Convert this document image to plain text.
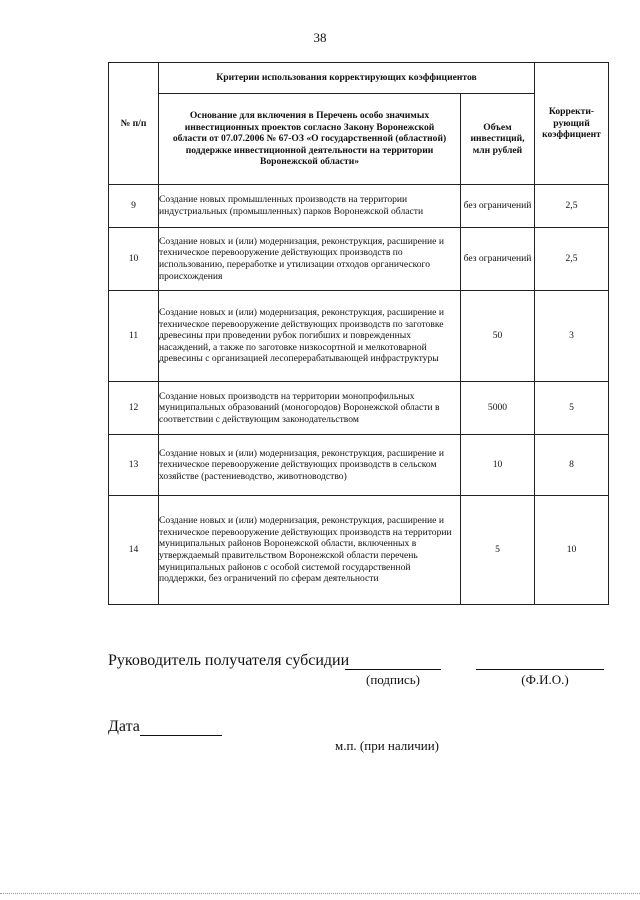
38
№ п/п	Критерии использования корректирующих коэффициентов		Корректи-рующий коэффициент
	Основание для включения в Перечень особо значимых инвестиционных проектов согласно Закону Воронежской области от 07.07.2006 № 67-ОЗ «О государственной (областной) поддержке инвестиционной деятельности на территории Воронежской области»	Объем инвестиций, млн рублей	
9	Создание новых промышленных производств на территории индустриальных (промышленных) парков Воронежской области	без ограничений	2,5
10	Создание новых и (или) модернизация, реконструкция, расширение и техническое перевооружение действующих производств по использованию, переработке и утилизации отходов органического происхождения	без ограничений	2,5
11	Создание новых и (или) модернизация, реконструкция, расширение и техническое перевооружение действующих производств по заготовке древесины при проведении рубок погибших и поврежденных насаждений, а также по заготовке низкосортной и мелкотоварной древесины с организацией лесоперерабатывающей инфраструктуры	50	3
12	Создание новых производств на территории монопрофильных муниципальных образований (моногородов) Воронежской области в соответствии с действующим законодательством	5000	5
13	Создание новых и (или) модернизация, реконструкция, расширение и техническое перевооружение действующих производств в сельском хозяйстве (растениеводство, животноводство)	10	8
14	Создание новых и (или) модернизация, реконструкция, расширение и техническое перевооружение действующих производств на территории муниципальных районов Воронежской области, включенных в утверждаемый правительством Воронежской области перечень муниципальных районов с особой системой государственной поддержки, без ограничений по сферам деятельности	5	10
Руководитель получателя субсидии
(подпись)	(Ф.И.О.)
Дата
м.п. (при наличии)
